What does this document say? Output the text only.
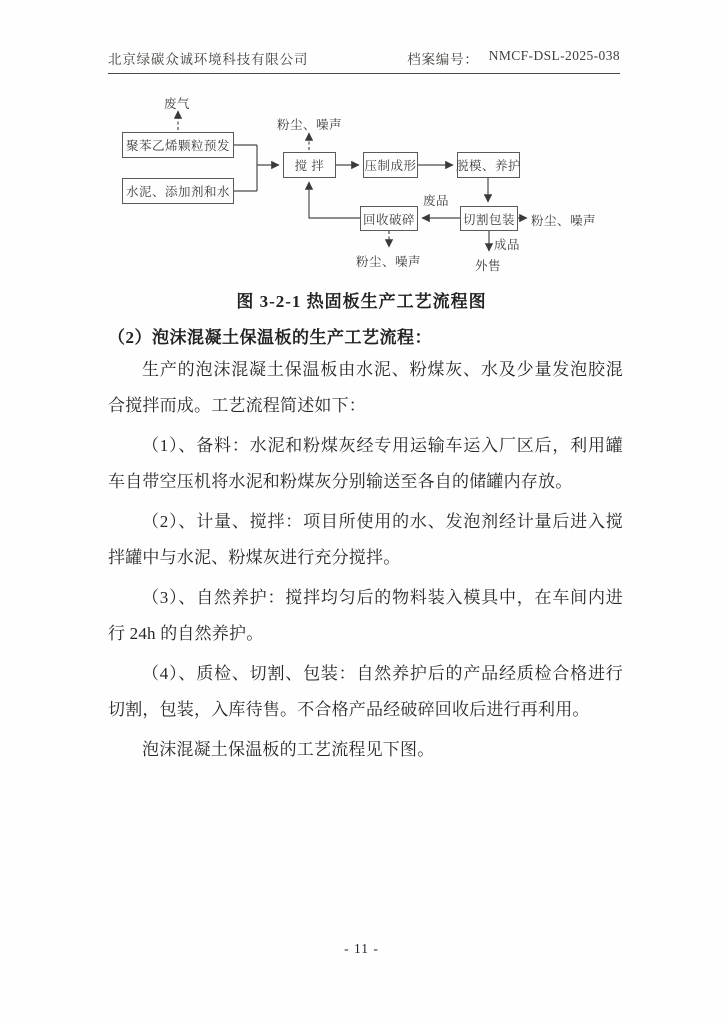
北京绿碳众诚环境科技有限公司	档案编号： NMCF-DSL-2025-038
聚苯乙烯颗粒预发
水泥、添加剂和水
搅 拌	压制成形	脱模、养护
切割包装
回收破碎
废气
粉尘、噪声
废品
粉尘、噪声
成品
外售
粉尘、噪声
图 3-2-1 热固板生产工艺流程图
（2）泡沫混凝土保温板的生产工艺流程：

生产的泡沫混凝土保温板由水泥、粉煤灰、水及少量发泡胶混合搅拌而成。工艺流程简述如下：

（1）、备料：水泥和粉煤灰经专用运输车运入厂区后，利用罐车自带空压机将水泥和粉煤灰分别输送至各自的储罐内存放。

（2）、计量、搅拌：项目所使用的水、发泡剂经计量后进入搅拌罐中与水泥、粉煤灰进行充分搅拌。

（3）、自然养护：搅拌均匀后的物料装入模具中，在车间内进行 24h 的自然养护。

（4）、质检、切割、包装：自然养护后的产品经质检合格进行切割，包装，入库待售。不合格产品经破碎回收后进行再利用。

泡沫混凝土保温板的工艺流程见下图。

- 11 -
